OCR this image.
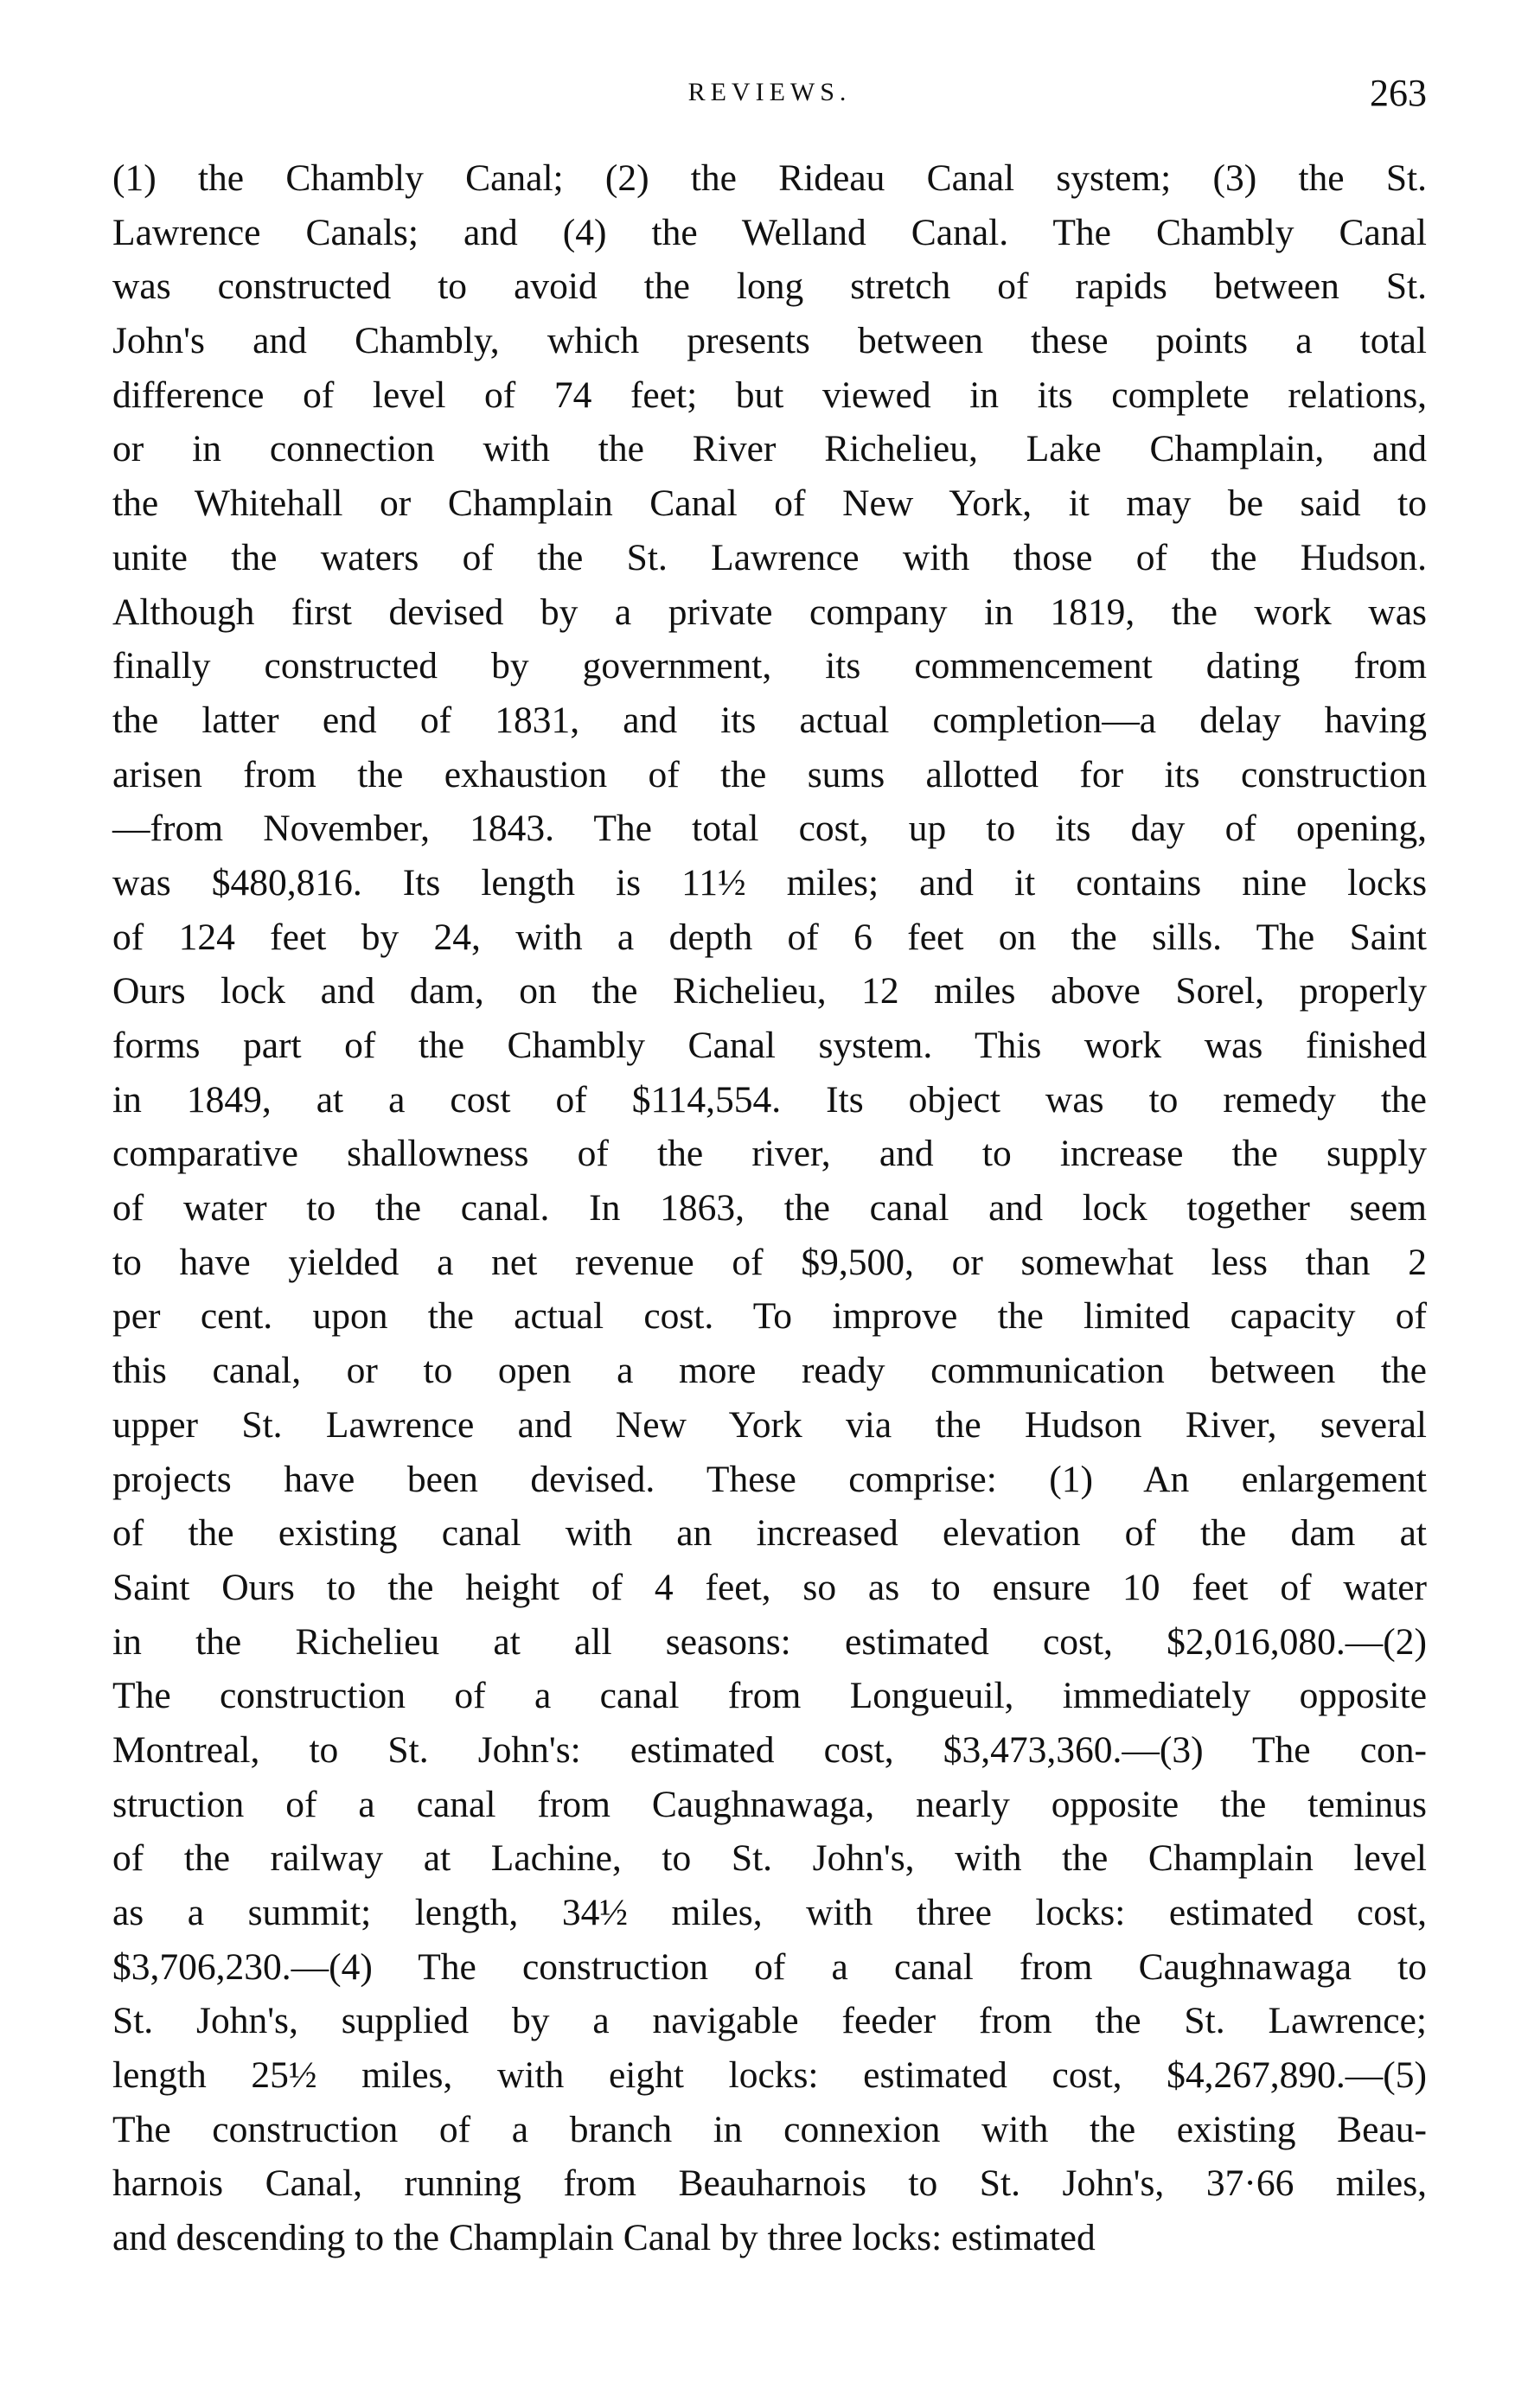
REVIEWS.	263
(1) the Chambly Canal; (2) the Rideau Canal system; (3) the St.
Lawrence Canals; and (4) the Welland Canal. The Chambly Canal
was constructed to avoid the long stretch of rapids between St.
John's and Chambly, which presents between these points a total
difference of level of 74 feet; but viewed in its complete relations,
or in connection with the River Richelieu, Lake Champlain, and
the Whitehall or Champlain Canal of New York, it may be said to
unite the waters of the St. Lawrence with those of the Hudson.
Although first devised by a private company in 1819, the work was
finally constructed by government, its commencement dating from
the latter end of 1831, and its actual completion—a delay having
arisen from the exhaustion of the sums allotted for its construction
—from November, 1843. The total cost, up to its day of opening,
was $480,816. Its length is 11½ miles; and it contains nine locks
of 124 feet by 24, with a depth of 6 feet on the sills. The Saint
Ours lock and dam, on the Richelieu, 12 miles above Sorel, properly
forms part of the Chambly Canal system. This work was finished
in 1849, at a cost of $114,554. Its object was to remedy the
comparative shallowness of the river, and to increase the supply
of water to the canal. In 1863, the canal and lock together seem
to have yielded a net revenue of $9,500, or somewhat less than 2
per cent. upon the actual cost. To improve the limited capacity of
this canal, or to open a more ready communication between the
upper St. Lawrence and New York via the Hudson River, several
projects have been devised. These comprise: (1) An enlargement
of the existing canal with an increased elevation of the dam at
Saint Ours to the height of 4 feet, so as to ensure 10 feet of water
in the Richelieu at all seasons: estimated cost, $2,016,080.—(2)
The construction of a canal from Longueuil, immediately opposite
Montreal, to St. John's: estimated cost, $3,473,360.—(3) The con-
struction of a canal from Caughnawaga, nearly opposite the teminus
of the railway at Lachine, to St. John's, with the Champlain level
as a summit; length, 34½ miles, with three locks: estimated cost,
$3,706,230.—(4) The construction of a canal from Caughnawaga to
St. John's, supplied by a navigable feeder from the St. Lawrence;
length 25½ miles, with eight locks: estimated cost, $4,267,890.—(5)
The construction of a branch in connexion with the existing Beau-
harnois Canal, running from Beauharnois to St. John's, 37·66 miles,
and descending to the Champlain Canal by three locks: estimated
